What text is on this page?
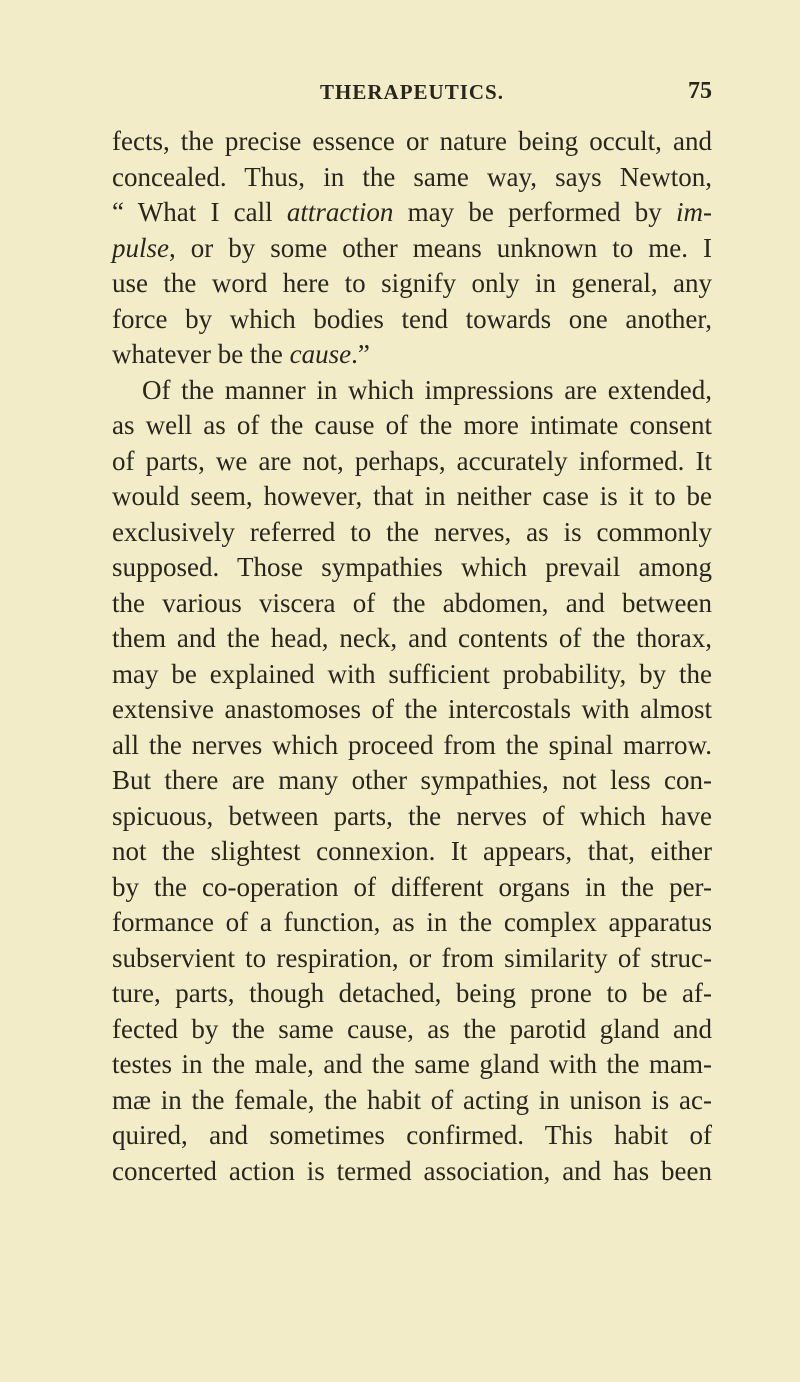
THERAPEUTICS.	75
fects, the precise essence or nature being occult, and
concealed. Thus, in the same way, says Newton,
“ What I call attraction may be performed by im-
pulse, or by some other means unknown to me. I
use the word here to signify only in general, any
force by which bodies tend towards one another,
whatever be the cause.”
Of the manner in which impressions are extended,
as well as of the cause of the more intimate consent
of parts, we are not, perhaps, accurately informed. It
would seem, however, that in neither case is it to be
exclusively referred to the nerves, as is commonly
supposed. Those sympathies which prevail among
the various viscera of the abdomen, and between
them and the head, neck, and contents of the thorax,
may be explained with sufficient probability, by the
extensive anastomoses of the intercostals with almost
all the nerves which proceed from the spinal marrow.
But there are many other sympathies, not less con-
spicuous, between parts, the nerves of which have
not the slightest connexion. It appears, that, either
by the co-operation of different organs in the per-
formance of a function, as in the complex apparatus
subservient to respiration, or from similarity of struc-
ture, parts, though detached, being prone to be af-
fected by the same cause, as the parotid gland and
testes in the male, and the same gland with the mam-
mæ in the female, the habit of acting in unison is ac-
quired, and sometimes confirmed. This habit of
concerted action is termed association, and has been
